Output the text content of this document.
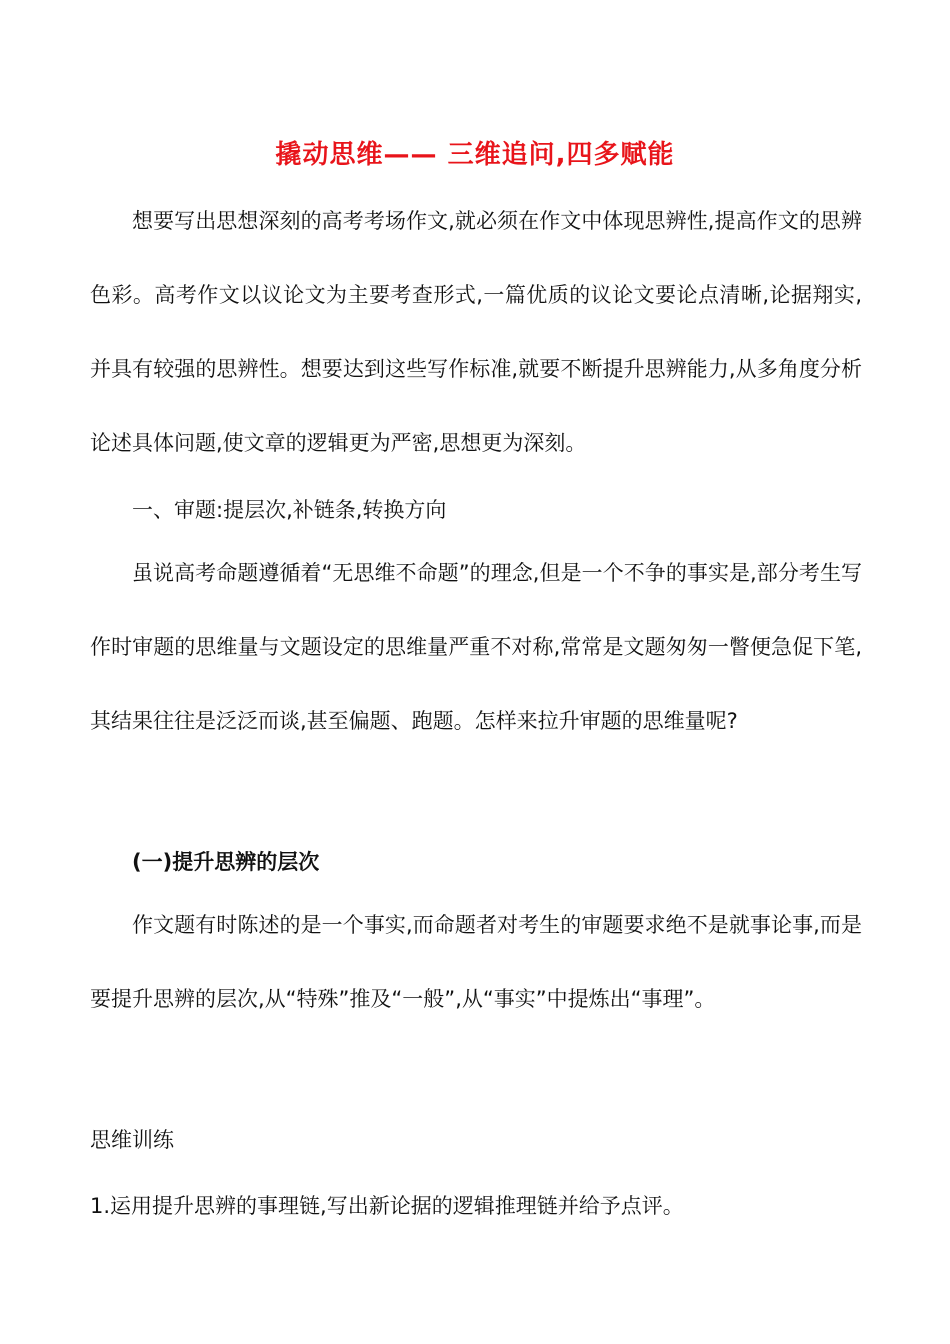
撬动思维—— 三维追问,四多赋能

想要写出思想深刻的高考考场作文,就必须在作文中体现思辨性,提高作文的思辨色彩。高考作文以议论文为主要考查形式,一篇优质的议论文要论点清晰,论据翔实,并具有较强的思辨性。想要达到这些写作标准,就要不断提升思辨能力,从多角度分析论述具体问题,使文章的逻辑更为严密,思想更为深刻。

一、审题:提层次,补链条,转换方向

虽说高考命题遵循着“无思维不命题”的理念,但是一个不争的事实是,部分考生写作时审题的思维量与文题设定的思维量严重不对称,常常是文题匆匆一瞥便急促下笔,其结果往往是泛泛而谈,甚至偏题、跑题。怎样来拉升审题的思维量呢?

(一)提升思辨的层次

作文题有时陈述的是一个事实,而命题者对考生的审题要求绝不是就事论事,而是要提升思辨的层次,从“特殊”推及“一般”,从“事实”中提炼出“事理”。

思维训练

1.运用提升思辨的事理链,写出新论据的逻辑推理链并给予点评。
